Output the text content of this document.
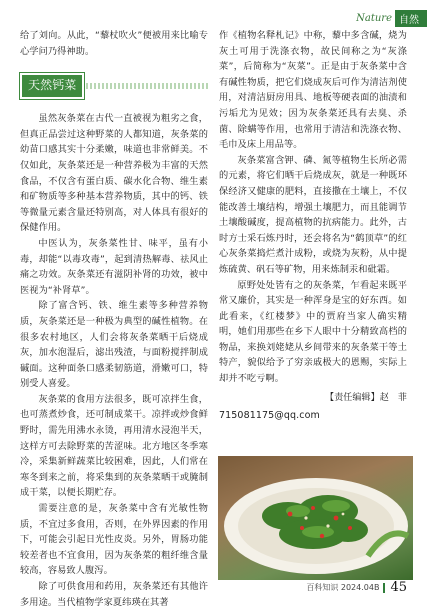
Nature 自然

给了刘向。从此，“藜杖吹火”便被用来比喻专心学问乃得神助。

天然钙菜

虽然灰条菜在古代一直被视为粗劣之食，但真正品尝过这种野菜的人都知道，灰条菜的幼苗口感其实十分柔嫩，味道也非常鲜美。不仅如此，灰条菜还是一种营养极为丰富的天然食品，不仅含有蛋白质、碳水化合物、维生素和矿物质等多种基本营养物质，其中的钙、铁等微量元素含量还特别高，对人体具有很好的保健作用。

中医认为，灰条菜性甘、味平，虽有小毒，却能“以毒攻毒”，起到清热解毒、祛风止痛之功效。灰条菜还有滋阴补肾的功效，被中医视为“补肾草”。

除了富含钙、铁、维生素等多种营养物质，灰条菜还是一种极为典型的碱性植物。在很多农村地区，人们会将灰条菜晒干后烧成灰，加水泡湿后，滤出残渣，与面粉搅拌制成碱面。这种面条口感柔韧筋道，滑嫩可口，特别受人喜爱。

灰条菜的食用方法很多，既可凉拌生食，也可蒸煮炒食，还可制成菜干。凉拌或炒食鲜野时，需先用沸水永烫，再用清水浸泡半天，这样方可去除野菜的苦涩味。北方地区冬季寒冷，采集新鲜蔬菜比较困难，因此，人们常在寒冬到来之前，将采集到的灰条菜晒干或腌制成干菜，以便长期贮存。

需要注意的是，灰条菜中含有光敏性物质，不宜过多食用，否则，在外界因素的作用下，可能会引起日光性皮炎。另外，胃肠功能较差者也不宜食用，因为灰条菜的粗纤维含量较高，容易致人腹泻。

除了可供食用和药用，灰条菜还有其他许多用途。当代植物学家夏纬瑛在其著

作《植物名释札记》中称，藜中多含碱，烧为灰土可用于洗涤衣物，故民间称之为“灰涤菜”，后简称为“灰菜”。正是由于灰条菜中含有碱性物质，把它们烧成灰后可作为清洁剂使用，对清洁厨房用具、地板等硬表面的油渍和污垢尤为见效；因为灰条菜还具有去臭、杀菌、除螨等作用，也常用于清洁和洗涤衣物、毛巾及床上用品等。

灰条菜富含钾、磷、氮等植物生长所必需的元素，将它们晒干后烧成灰，就是一种既环保经济又健康的肥料，直接撒在土壤上，不仅能改善土壤结构，增强土壤肥力，而且能调节土壤酸碱度，提高植物的抗病能力。此外，古时方士采石炼丹时，还会将名为“鹤顶草”的红心灰条菜捣烂煮汁成粉，或烧为灰粉，从中提炼硫黄、矾石等矿物，用来炼制汞和砒霜。

原野处处皆有之的灰条菜，乍看起来既平常又廉价，其实是一种浑身是宝的好东西。如此看来，《红楼梦》中的贾府当家人确实精明，她们用那些在乡下人眼中十分精致高档的物品，来换刘姥姥从乡间带来的灰条菜干等土特产，貌似给予了穷亲戚极大的恩赐，实际上却并不吃亏啊。

【责任编辑】赵　菲
715081175@qq.com
百科知识 2024.04B 45
